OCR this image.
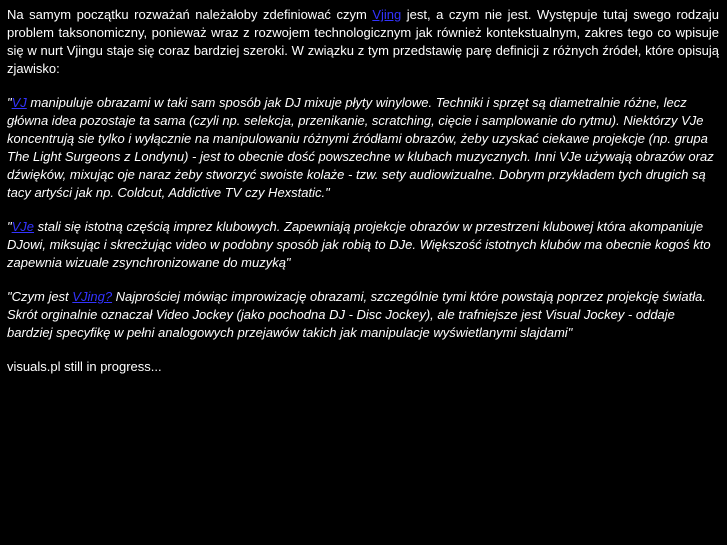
Na samym początku rozważań należałoby zdefiniować czym Vjing jest, a czym nie jest. Występuje tutaj swego rodzaju problem taksonomiczny, ponieważ wraz z rozwojem technologicznym jak również kontekstualnym, zakres tego co wpisuje się w nurt Vjingu staje się coraz bardziej szeroki. W związku z tym przedstawię parę definicji z różnych źródeł, które opisują zjawisko:

"VJ manipuluje obrazami w taki sam sposób jak DJ mixuje płyty winylowe. Techniki i sprzęt są diametralnie różne, lecz główna idea pozostaje ta sama (czyli np. selekcja, przenikanie, scratching, cięcie i samplowanie do rytmu). Niektórzy VJe koncentrują sie tylko i wyłącznie na manipulowaniu różnymi źródłami obrazów, żeby uzyskać ciekawe projekcje (np. grupa The Light Surgeons z Londynu) - jest to obecnie dość powszechne w klubach muzycznych. Inni VJe używają obrazów oraz dźwięków, mixując oje naraz żeby stworzyć swoiste kolaże - tzw. sety audiowizualne. Dobrym przykładem tych drugich są tacy artyści jak np. Coldcut, Addictive TV czy Hexstatic."

"VJe stali się istotną częścią imprez klubowych. Zapewniają projekcje obrazów w przestrzeni klubowej która akompaniuje DJowi, miksując i skrecżując video w podobny sposób jak robią to DJe. Większość istotnych klubów ma obecnie kogoś kto zapewnia wizuale zsynchronizowane do muzyką"

"Czym jest VJing? Najprościej mówiąc improwizację obrazami, szczególnie tymi które powstają poprzez projekcję światła. Skrót orginalnie oznaczał Video Jockey (jako pochodna DJ - Disc Jockey), ale trafniejsze jest Visual Jockey - oddaje bardziej specyfikę w pełni analogowych przejawów takich jak manipulacje wyświetlanymi slajdami"

visuals.pl still in progress...
